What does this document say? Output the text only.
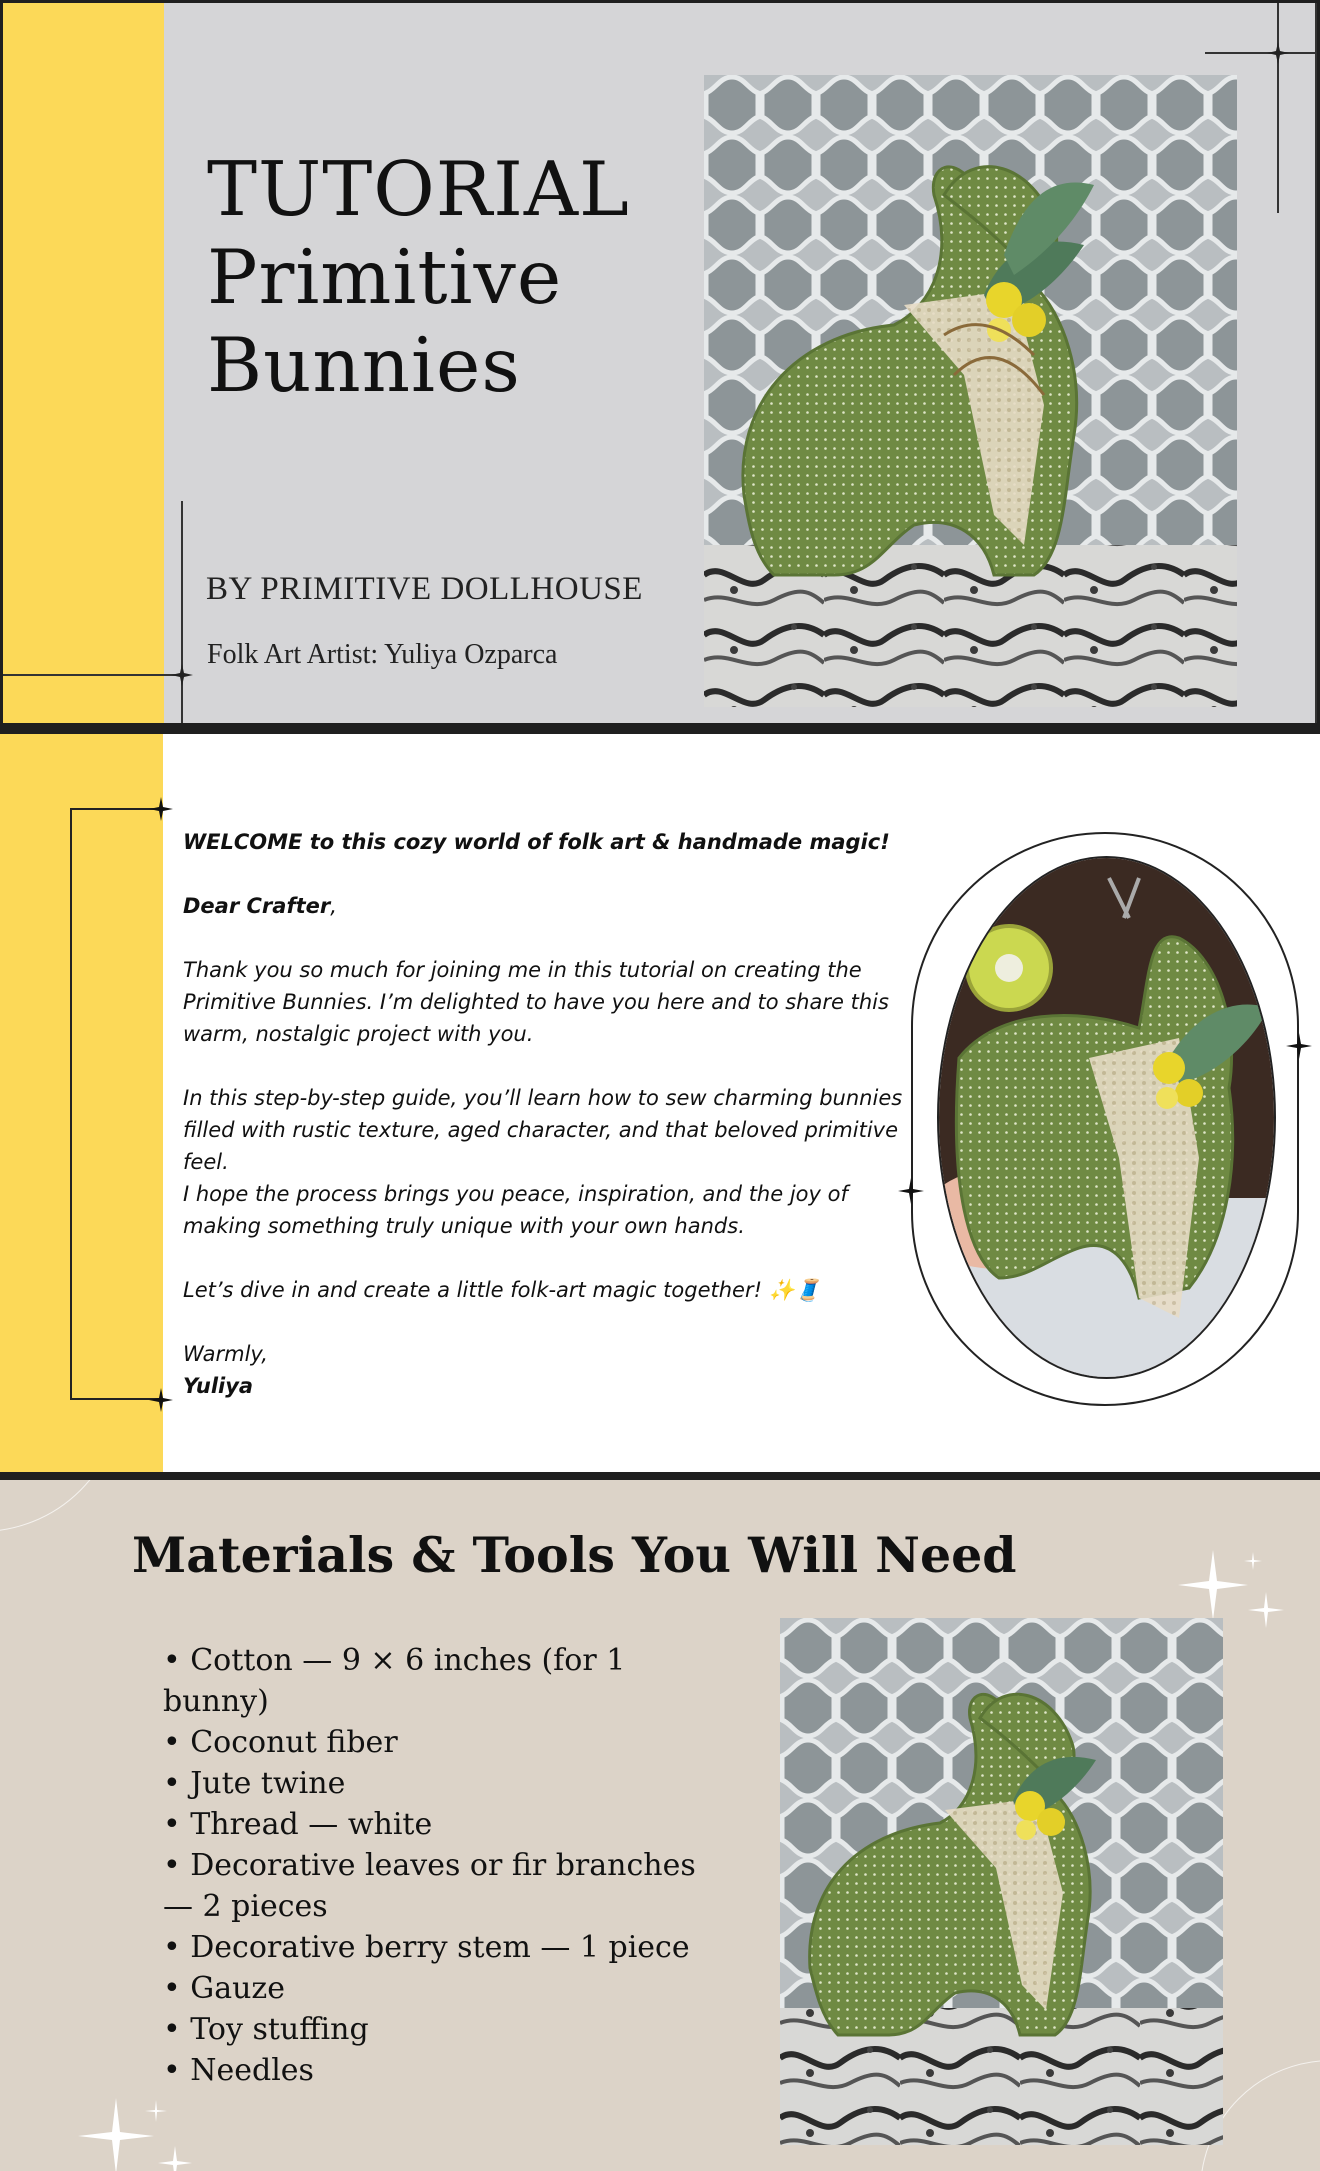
TUTORIAL
Primitive
Bunnies
BY PRIMITIVE DOLLHOUSE
Folk Art Artist: Yuliya Ozparca

WELCOME to this cozy world of folk art & handmade magic!

Dear Crafter,

Thank you so much for joining me in this tutorial on creating the Primitive Bunnies. I’m delighted to have you here and to share this warm, nostalgic project with you.

In this step-by-step guide, you’ll learn how to sew charming bunnies filled with rustic texture, aged character, and that beloved primitive feel.

I hope the process brings you peace, inspiration, and the joy of making something truly unique with your own hands.

Let’s dive in and create a little folk-art magic together! ✨🧵

Warmly,

Yuliya

Materials & Tools You Will Need
• Cotton — 9 × 6 inches (for 1 bunny)
• Coconut fiber
• Jute twine
• Thread — white
• Decorative leaves or fir branches — 2 pieces
• Decorative berry stem — 1 piece
• Gauze
• Toy stuffing
• Needles
